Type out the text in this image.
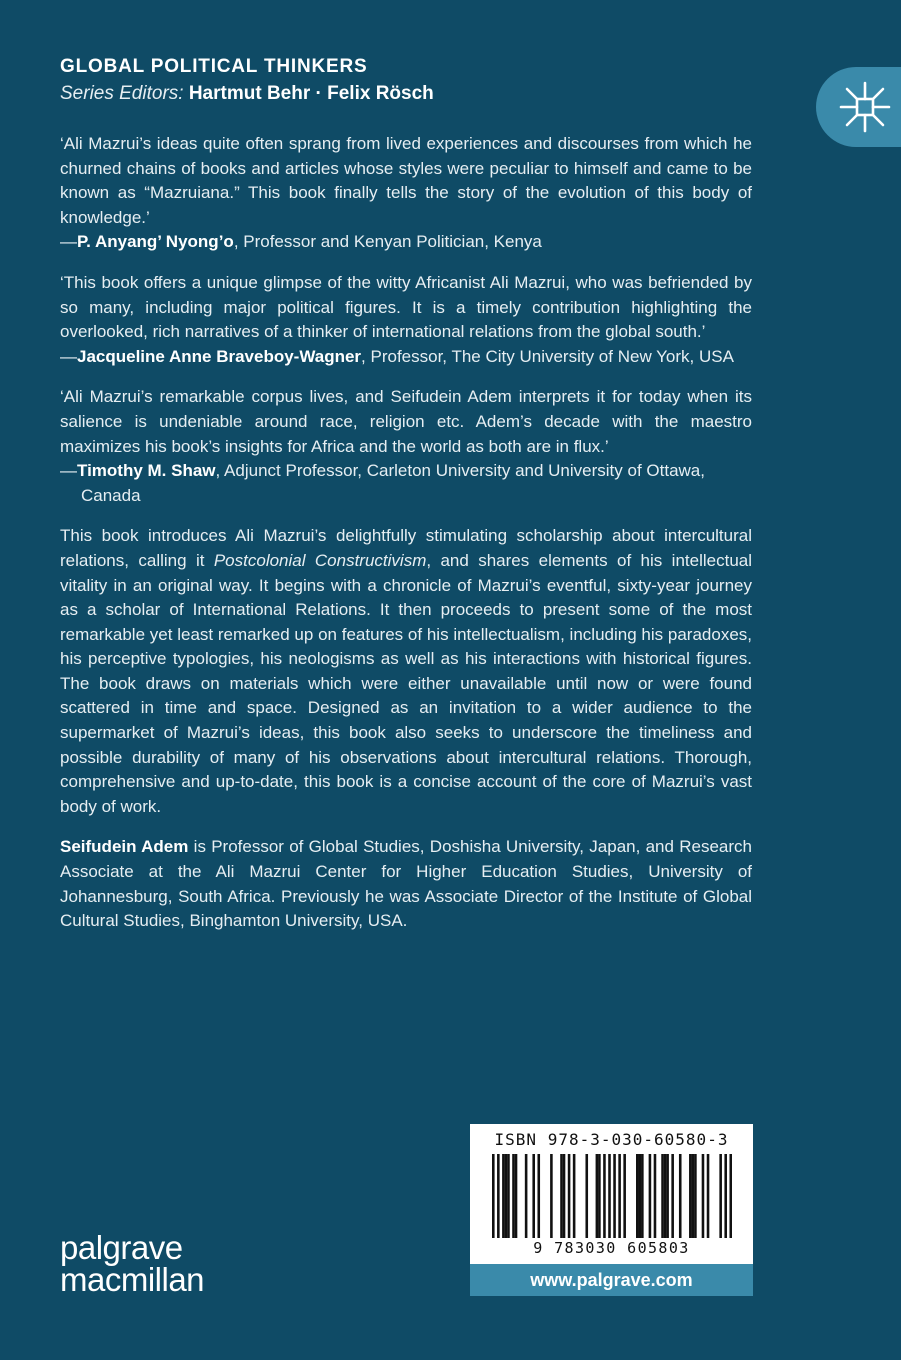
GLOBAL POLITICAL THINKERS
Series Editors: Hartmut Behr · Felix Rösch

‘Ali Mazrui’s ideas quite often sprang from lived experiences and discourses from which he churned chains of books and articles whose styles were peculiar to himself and came to be known as “Mazruiana.” This book finally tells the story of the evolution of this body of knowledge.’

—P. Anyang’ Nyong’o, Professor and Kenyan Politician, Kenya

‘This book offers a unique glimpse of the witty Africanist Ali Mazrui, who was befriended by so many, including major political figures. It is a timely contribution highlighting the overlooked, rich narratives of a thinker of international relations from the global south.’

—Jacqueline Anne Braveboy-Wagner, Professor, The City University of New York, USA

‘Ali Mazrui’s remarkable corpus lives, and Seifudein Adem interprets it for today when its salience is undeniable around race, religion etc. Adem’s decade with the maestro maximizes his book’s insights for Africa and the world as both are in flux.’

—Timothy M. Shaw, Adjunct Professor, Carleton University and University of Ottawa, Canada

This book introduces Ali Mazrui’s delightfully stimulating scholarship about intercultural relations, calling it Postcolonial Constructivism, and shares elements of his intellectual vitality in an original way. It begins with a chronicle of Mazrui’s eventful, sixty-year journey as a scholar of International Relations. It then proceeds to present some of the most remarkable yet least remarked up on features of his intellectualism, including his paradoxes, his perceptive typologies, his neologisms as well as his interactions with historical figures. The book draws on materials which were either unavailable until now or were found scattered in time and space. Designed as an invitation to a wider audience to the supermarket of Mazrui’s ideas, this book also seeks to underscore the timeliness and possible durability of many of his observations about intercultural relations. Thorough, comprehensive and up-to-date, this book is a concise account of the core of Mazrui’s vast body of work.

Seifudein Adem is Professor of Global Studies, Doshisha University, Japan, and Research Associate at the Ali Mazrui Center for Higher Education Studies, University of Johannesburg, South Africa. Previously he was Associate Director of the Institute of Global Cultural Studies, Binghamton University, USA.

palgrave
macmillan
ISBN 978-3-030-60580-3
9 783030 605803
www.palgrave.com
